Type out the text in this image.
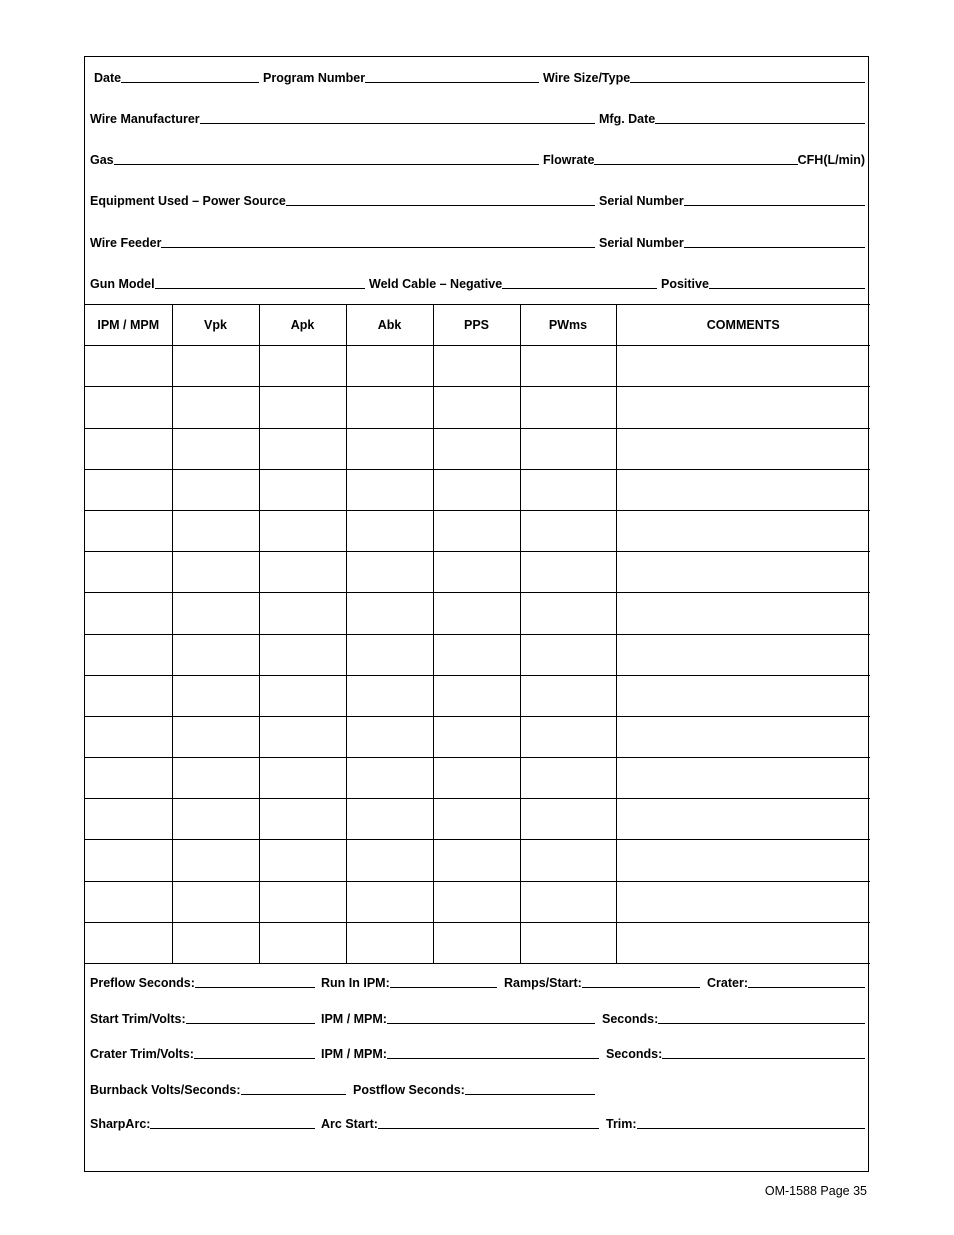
Date	Program Number	Wire Size/Type
Wire Manufacturer	Mfg. Date
Gas	Flowrate	CFH(L/min)
Equipment Used – Power Source	Serial Number
Wire Feeder	Serial Number
Gun Model	Weld Cable – Negative	Positive
IPM / MPM	Vpk	Apk	Abk	PPS	PWms	COMMENTS

Preflow Seconds:	Run In IPM:	Ramps/Start:	Crater:
Start Trim/Volts:	IPM / MPM:	Seconds:
Crater Trim/Volts:	IPM / MPM:	Seconds:
Burnback Volts/Seconds:	Postflow Seconds:
SharpArc:	Arc Start:	Trim:
OM-1588 Page 35
